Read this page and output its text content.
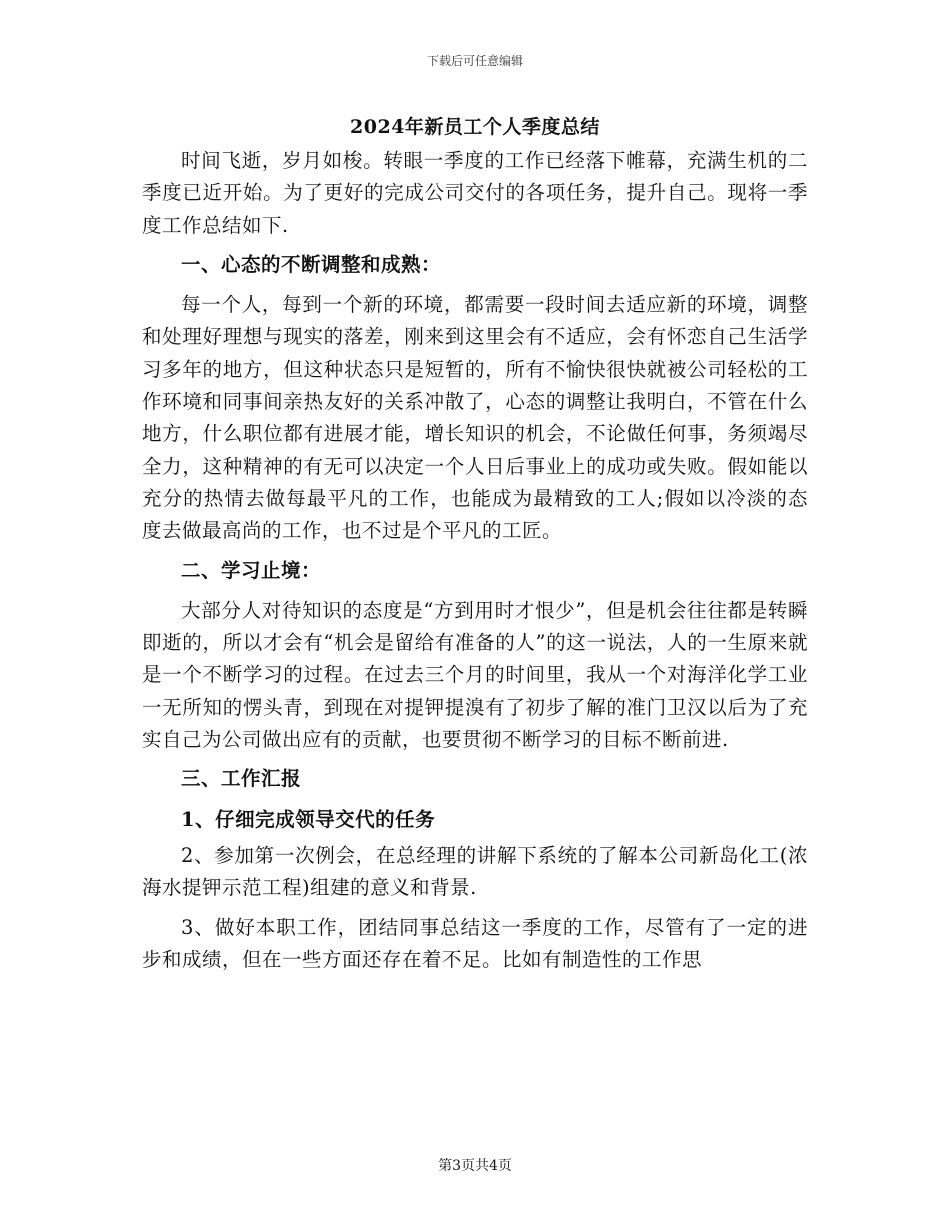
下载后可任意编辑
2024年新员工个人季度总结

时间飞逝，岁月如梭。转眼一季度的工作已经落下帷幕，充满生机的二季度已近开始。为了更好的完成公司交付的各项任务，提升自己。现将一季度工作总结如下.

一、心态的不断调整和成熟：

每一个人，每到一个新的环境，都需要一段时间去适应新的环境，调整和处理好理想与现实的落差，刚来到这里会有不适应，会有怀恋自己生活学习多年的地方，但这种状态只是短暂的，所有不愉快很快就被公司轻松的工作环境和同事间亲热友好的关系冲散了，心态的调整让我明白，不管在什么地方，什么职位都有进展才能，增长知识的机会，不论做任何事，务须竭尽全力，这种精神的有无可以决定一个人日后事业上的成功或失败。假如能以充分的热情去做每最平凡的工作，也能成为最精致的工人;假如以冷淡的态度去做最高尚的工作，也不过是个平凡的工匠。

二、学习止境：

大部分人对待知识的态度是“方到用时才恨少”，但是机会往往都是转瞬即逝的，所以才会有“机会是留给有准备的人”的这一说法，人的一生原来就是一个不断学习的过程。在过去三个月的时间里，我从一个对海洋化学工业一无所知的愣头青，到现在对提钾提溴有了初步了解的准门卫汉以后为了充实自己为公司做出应有的贡献，也要贯彻不断学习的目标不断前进.

三、工作汇报
1、仔细完成领导交代的任务

2、参加第一次例会，在总经理的讲解下系统的了解本公司新岛化工(浓海水提钾示范工程)组建的意义和背景.

3、做好本职工作，团结同事总结这一季度的工作，尽管有了一定的进步和成绩，但在一些方面还存在着不足。比如有制造性的工作思

第3页共4页
